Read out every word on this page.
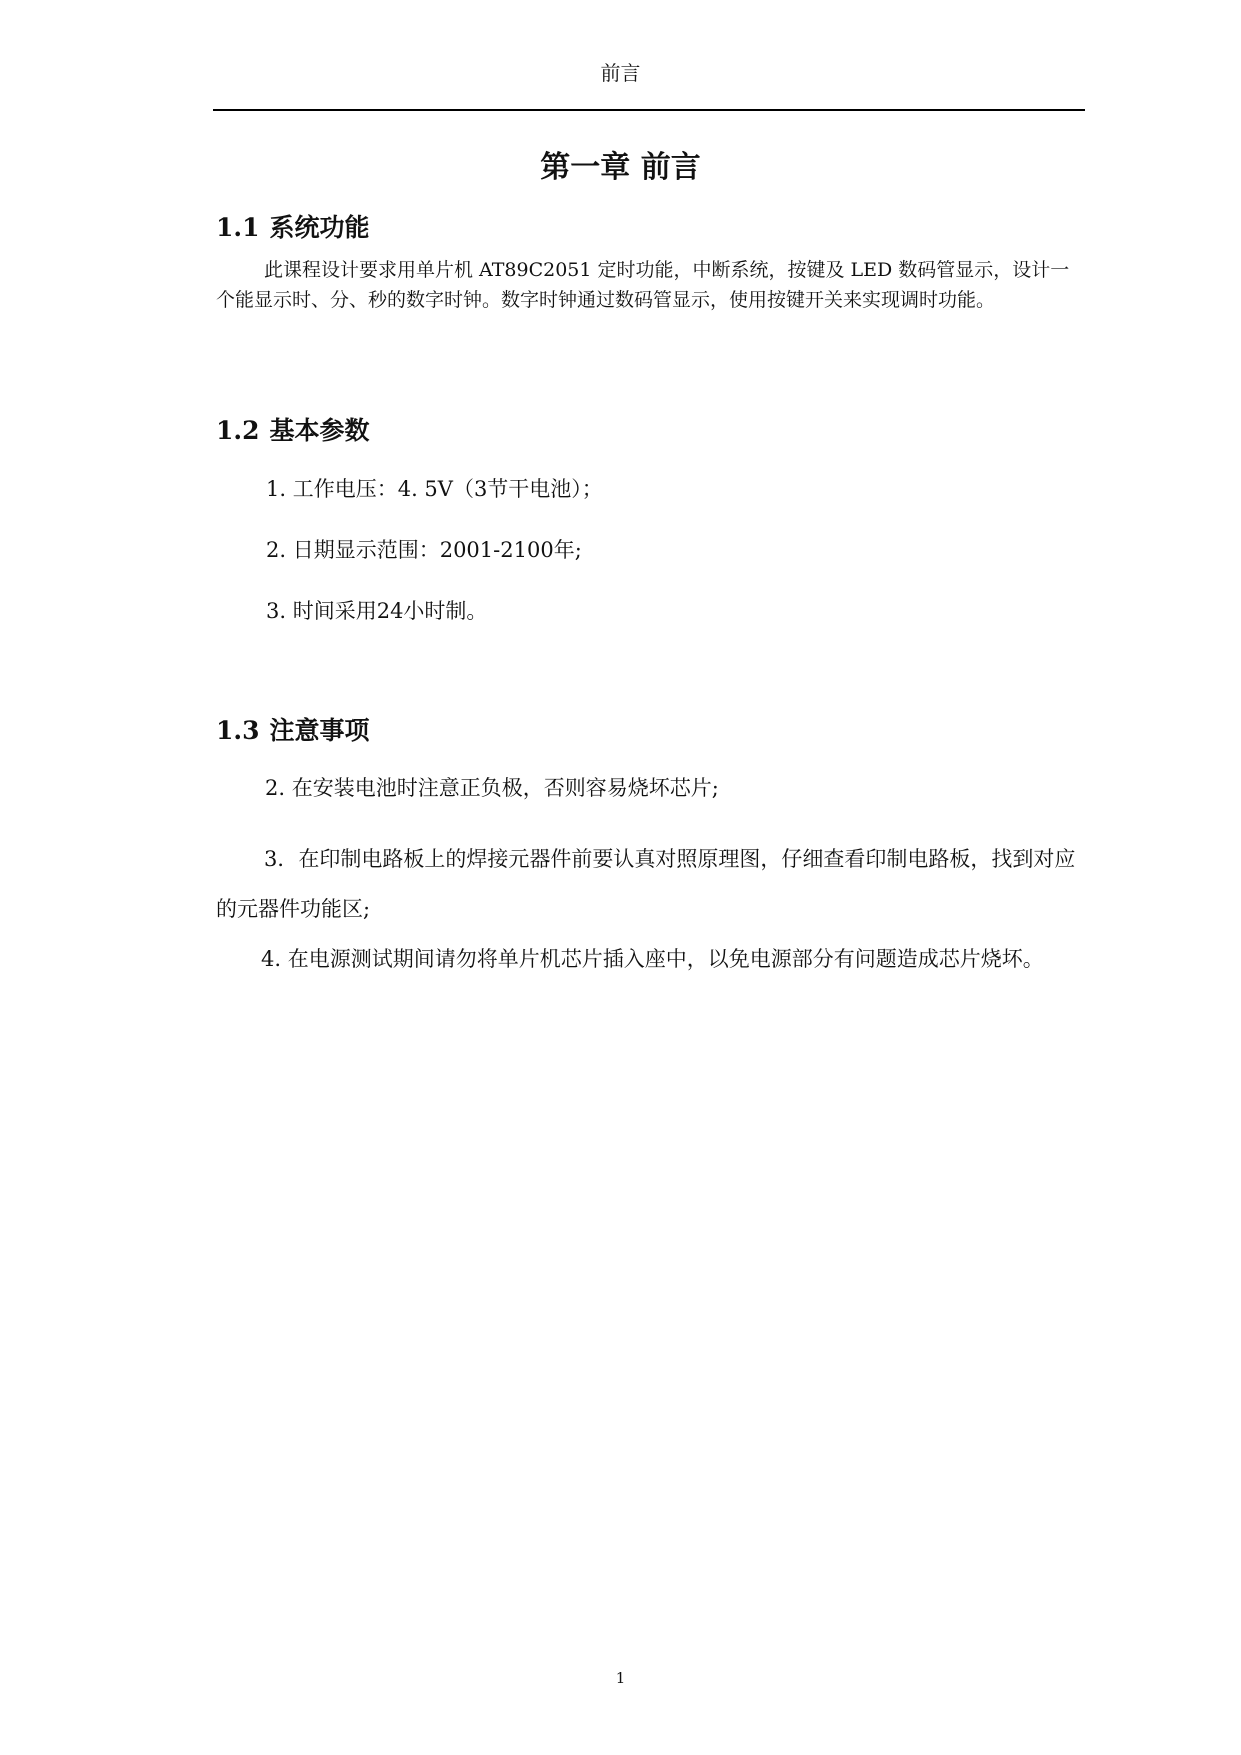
前言
第一章 前言
1.1 系统功能

此课程设计要求用单片机 AT89C2051 定时功能，中断系统，按键及 LED 数码管显示，设计一个能显示时、分、秒的数字时钟。数字时钟通过数码管显示，使用按键开关来实现调时功能。

1.2 基本参数
1. 工作电压：4. 5V（3节干电池）；
2. 日期显示范围：2001-2100年;
3. 时间采用24小时制。
1.3 注意事项
2. 在安装电池时注意正负极，否则容易烧坏芯片;
3．在印制电路板上的焊接元器件前要认真对照原理图，仔细查看印制电路板，找到对应的元器件功能区;
4. 在电源测试期间请勿将单片机芯片插入座中，以免电源部分有问题造成芯片烧坏。
1
